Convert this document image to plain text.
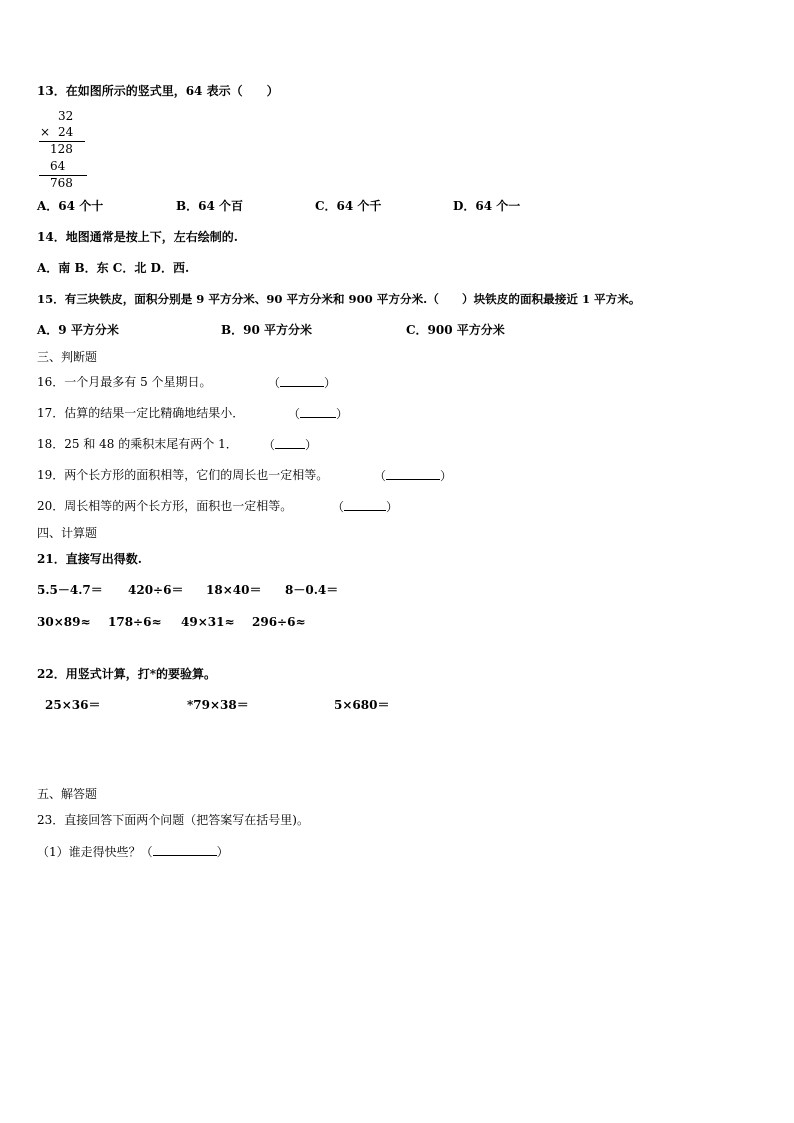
13．在如图所示的竖式里，64 表示（　　）
32
× 24
128
64
768
A．64 个十	B．64 个百	C．64 个千	D．64 个一
14．地图通常是按上下，左右绘制的.
A．南 B．东 C．北 D．西.
15．有三块铁皮，面积分别是 9 平方分米、90 平方分米和 900 平方分米.（　　）块铁皮的面积最接近 1 平方米。
A．9 平方分米	B．90 平方分米	C．900 平方分米
三、判断题
16．一个月最多有 5 个星期日。	（	）
17．估算的结果一定比精确地结果小．	（	）
18．25 和 48 的乘积末尾有两个 1． （	）
19．两个长方形的面积相等，它们的周长也一定相等。	（	）
20．周长相等的两个长方形，面积也一定相等。	（	）
四、计算题
21．直接写出得数.
5.5－4.7＝ 420÷6＝ 18×40＝ 8－0.4＝
30×89≈ 178÷6≈ 49×31≈ 296÷6≈
22．用竖式计算，打*的要验算。
25×36＝	*79×38＝	5×680＝
五、解答题
23．直接回答下面两个问题（把答案写在括号里)。
（1）谁走得快些？（	）
